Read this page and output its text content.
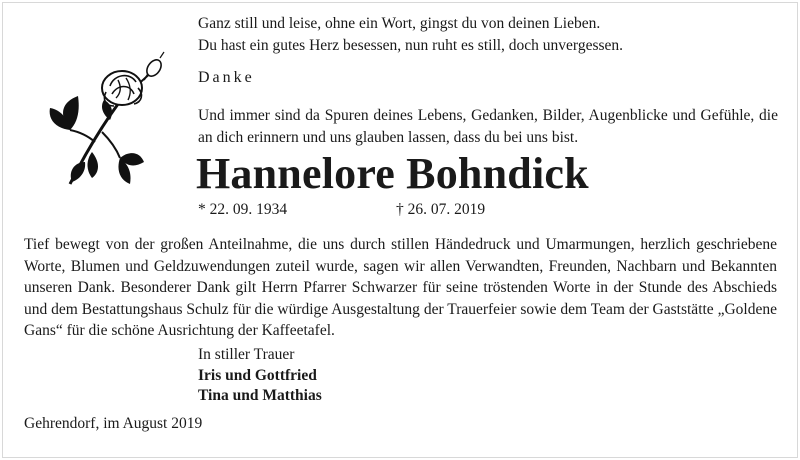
Ganz still und leise, ohne ein Wort, gingst du von deinen Lieben.
Du hast ein gutes Herz besessen, nun ruht es still, doch unvergessen.
Danke
Und immer sind da Spuren deines Lebens, Gedanken, Bilder, Augenblicke und Gefühle, die an dich erinnern und uns glauben lassen, dass du bei uns bist.
Hannelore Bohndick
* 22. 09. 1934	† 26. 07. 2019
Tief bewegt von der großen Anteilnahme, die uns durch stillen Händedruck und Umarmungen, herzlich geschriebene Worte, Blumen und Geldzuwendungen zuteil wurde, sagen wir allen Verwandten, Freunden, Nachbarn und Bekannten unseren Dank. Besonderer Dank gilt Herrn Pfarrer Schwarzer für seine tröstenden Worte in der Stunde des Abschieds und dem Bestattungshaus Schulz für die würdige Ausgestaltung der Trauerfeier sowie dem Team der Gaststätte „Goldene Gans“ für die schöne Ausrichtung der Kaffeetafel.
In stiller Trauer
Iris und Gottfried
Tina und Matthias
Gehrendorf, im August 2019
